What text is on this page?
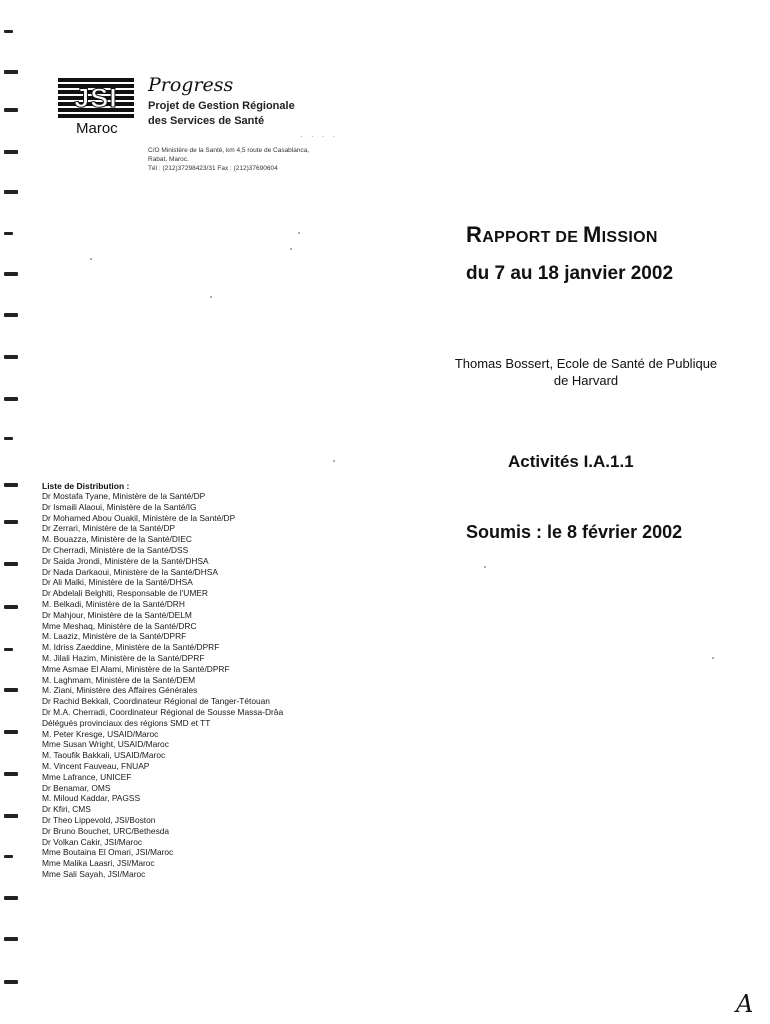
JSI
Maroc
Progress
Projet de Gestion Régionale
des Services de Santé
· · · ·
C/O Ministère de la Santé, km 4,5 route de Casablanca,
Rabat, Maroc.
Tél : (212)37298423/31 Fax : (212)37690604
RAPPORT DE MISSION
du 7 au 18 janvier 2002
Thomas Bossert, Ecole de Santé de Publique
de Harvard
Activités I.A.1.1
Soumis : le 8 février 2002
Liste de Distribution :
Dr Mostafa Tyane, Ministère de la Santé/DP
Dr Ismaili Alaoui, Ministère de la Santé/IG
Dr Mohamed Abou Ouakil, Ministère de la Santé/DP
Dr Zerrari, Ministère de la Santé/DP
M. Bouazza, Ministère de la Santé/DIEC
Dr Cherradi, Ministère de la Santé/DSS
Dr Saida Jrondi, Ministère de la Santé/DHSA
Dr Nada Darkaoui, Ministère de la Santé/DHSA
Dr Ali Malki, Ministère de la Santé/DHSA
Dr Abdelali Belghiti, Responsable de l'UMER
M. Belkadi, Ministère de la Santé/DRH
Dr Mahjour, Ministère de la Santé/DELM
Mme Meshaq, Ministère de la Santé/DRC
M. Laaziz, Ministère de la Santé/DPRF
M. Idriss Zaeddine, Ministère de la Santé/DPRF
M. Jilali Hazim, Ministère de la Santé/DPRF
Mme Asmae El Alami, Ministère de la Santé/DPRF
M. Laghmam, Ministère de la Santé/DEM
M. Ziani, Ministère des Affaires Générales
Dr Rachid Bekkali, Coordinateur Régional de Tanger-Tétouan
Dr M.A. Cherradi, Coordinateur Régional de Sousse Massa-Drâa
Délégués provinciaux des régions SMD et TT
M. Peter Kresge, USAID/Maroc
Mme Susan Wright, USAID/Maroc
M. Taoufik Bakkali, USAID/Maroc
M. Vincent Fauveau, FNUAP
Mme Lafrance, UNICEF
Dr Benamar, OMS
M. Miloud Kaddar, PAGSS
Dr Kfiri, CMS
Dr Theo Lippevold, JSI/Boston
Dr Bruno Bouchet, URC/Bethesda
Dr Volkan Cakir, JSI/Maroc
Mme Boutaina El Omari, JSI/Maroc
Mme Malika Laasri, JSI/Maroc
Mme Sali Sayah, JSI/Maroc
A
